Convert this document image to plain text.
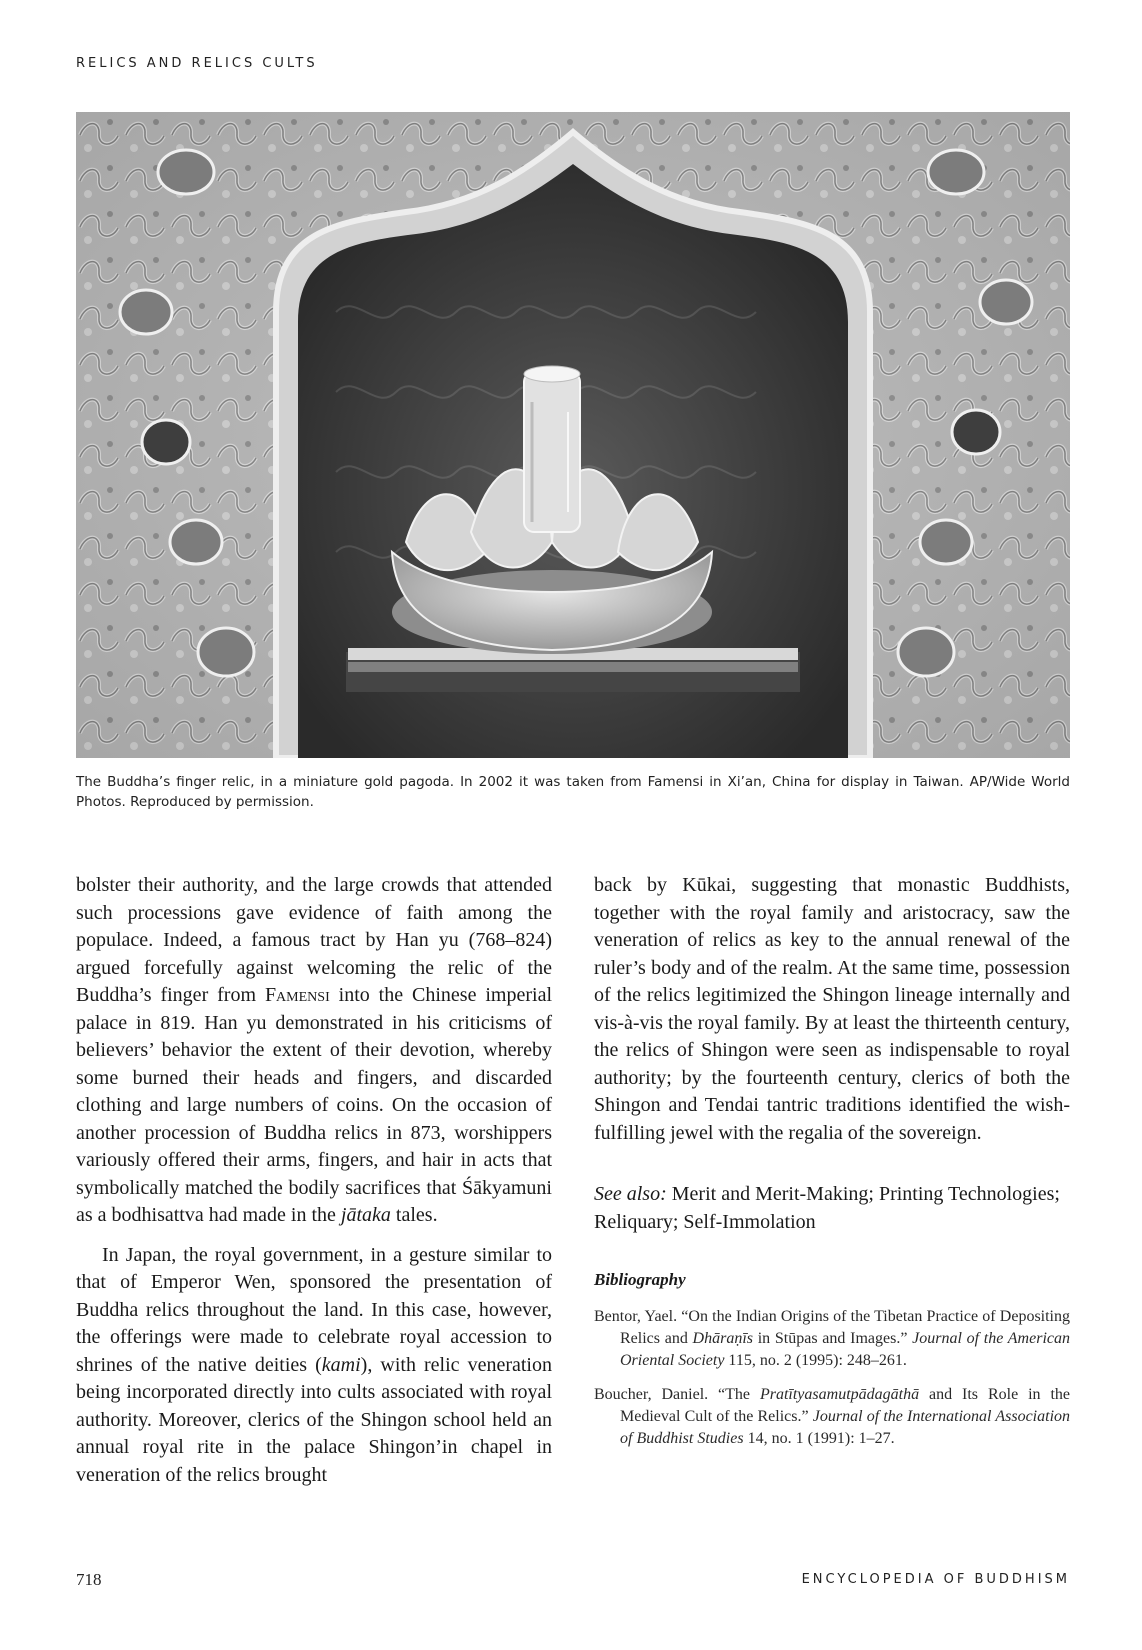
RELICS AND RELICS CULTS
The Buddha’s finger relic, in a miniature gold pagoda. In 2002 it was taken from Famensi in Xi’an, China for display in Taiwan. AP/Wide World Photos. Reproduced by permission.

bolster their authority, and the large crowds that attended such processions gave evidence of faith among the populace. Indeed, a famous tract by Han yu (768–824) argued forcefully against welcoming the relic of the Buddha’s finger from Famensi into the Chinese imperial palace in 819. Han yu demonstrated in his criticisms of believers’ behavior the extent of their devotion, whereby some burned their heads and fingers, and discarded clothing and large numbers of coins. On the occasion of another procession of Buddha relics in 873, worshippers variously offered their arms, fingers, and hair in acts that symbolically matched the bodily sacrifices that Śākyamuni as a bodhisattva had made in the jātaka tales.

In Japan, the royal government, in a gesture similar to that of Emperor Wen, sponsored the presentation of Buddha relics throughout the land. In this case, however, the offerings were made to celebrate royal accession to shrines of the native deities (kami), with relic veneration being incorporated directly into cults associated with royal authority. Moreover, clerics of the Shingon school held an annual royal rite in the palace Shingon’in chapel in veneration of the relics brought

back by Kūkai, suggesting that monastic Buddhists, together with the royal family and aristocracy, saw the veneration of relics as key to the annual renewal of the ruler’s body and of the realm. At the same time, possession of the relics legitimized the Shingon lineage internally and vis-à-vis the royal family. By at least the thirteenth century, the relics of Shingon were seen as indispensable to royal authority; by the fourteenth century, clerics of both the Shingon and Tendai tantric traditions identified the wish-fulfilling jewel with the regalia of the sovereign.

See also: Merit and Merit-Making; Printing Technologies; Reliquary; Self-Immolation

Bibliography

Bentor, Yael. “On the Indian Origins of the Tibetan Practice of Depositing Relics and Dhāraṇīs in Stūpas and Images.” Journal of the American Oriental Society 115, no. 2 (1995): 248–261.

Boucher, Daniel. “The Pratītyasamutpādagāthā and Its Role in the Medieval Cult of the Relics.” Journal of the International Association of Buddhist Studies 14, no. 1 (1991): 1–27.

718	ENCYCLOPEDIA OF BUDDHISM
